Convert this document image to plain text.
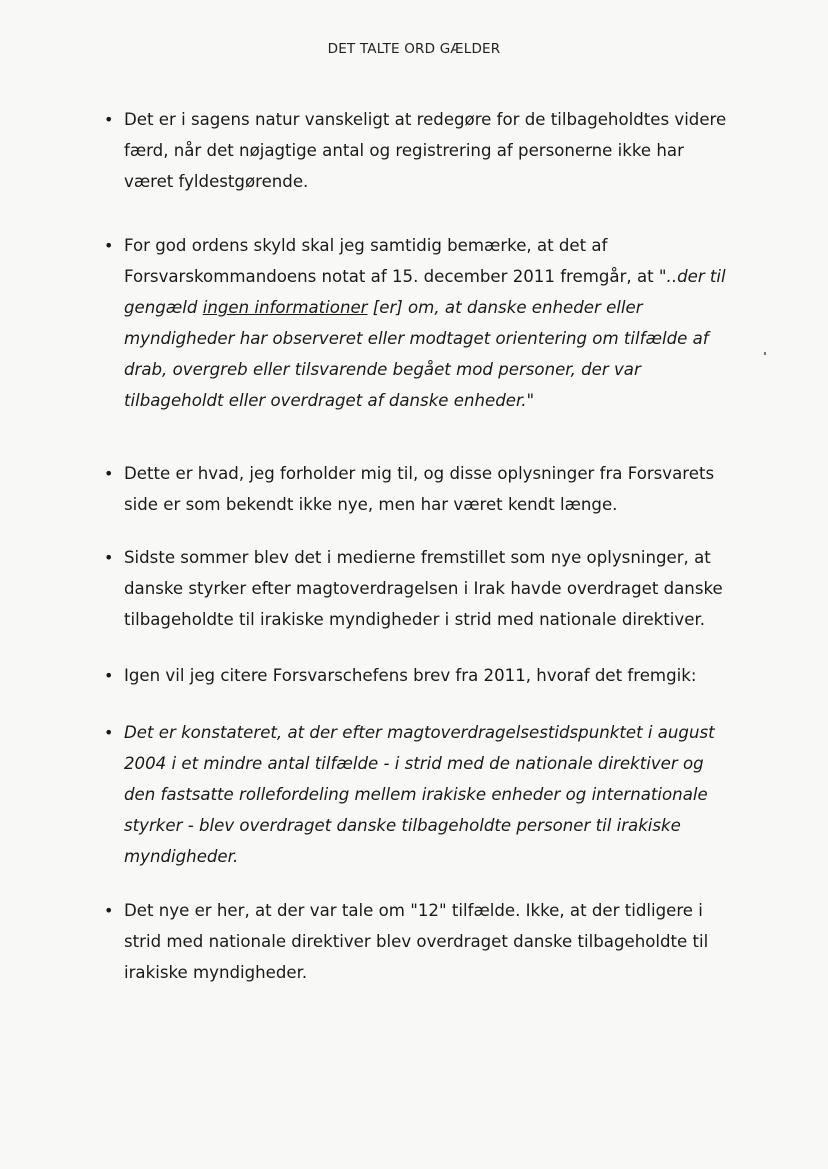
DET TALTE ORD GÆLDER
• Det er i sagens natur vanskeligt at redegøre for de tilbageholdtes videre færd, når det nøjagtige antal og registrering af personerne ikke har været fyldestgørende.
• For god ordens skyld skal jeg samtidig bemærke, at det af Forsvarskommandoens notat af 15. december 2011 fremgår, at "..der til gengæld ingen informationer [er] om, at danske enheder eller myndigheder har observeret eller modtaget orientering om tilfælde af drab, overgreb eller tilsvarende begået mod personer, der var tilbageholdt eller overdraget af danske enheder."
• Dette er hvad, jeg forholder mig til, og disse oplysninger fra Forsvarets side er som bekendt ikke nye, men har været kendt længe.
• Sidste sommer blev det i medierne fremstillet som nye oplysninger, at danske styrker efter magtoverdragelsen i Irak havde overdraget danske tilbageholdte til irakiske myndigheder i strid med nationale direktiver.
• Igen vil jeg citere Forsvarschefens brev fra 2011, hvoraf det fremgik:
• Det er konstateret, at der efter magtoverdragelsestidspunktet i august 2004 i et mindre antal tilfælde - i strid med de nationale direktiver og den fastsatte rollefordeling mellem irakiske enheder og internationale styrker - blev overdraget danske tilbageholdte personer til irakiske myndigheder.
• Det nye er her, at der var tale om "12" tilfælde. Ikke, at der tidligere i strid med nationale direktiver blev overdraget danske tilbageholdte til irakiske myndigheder.
